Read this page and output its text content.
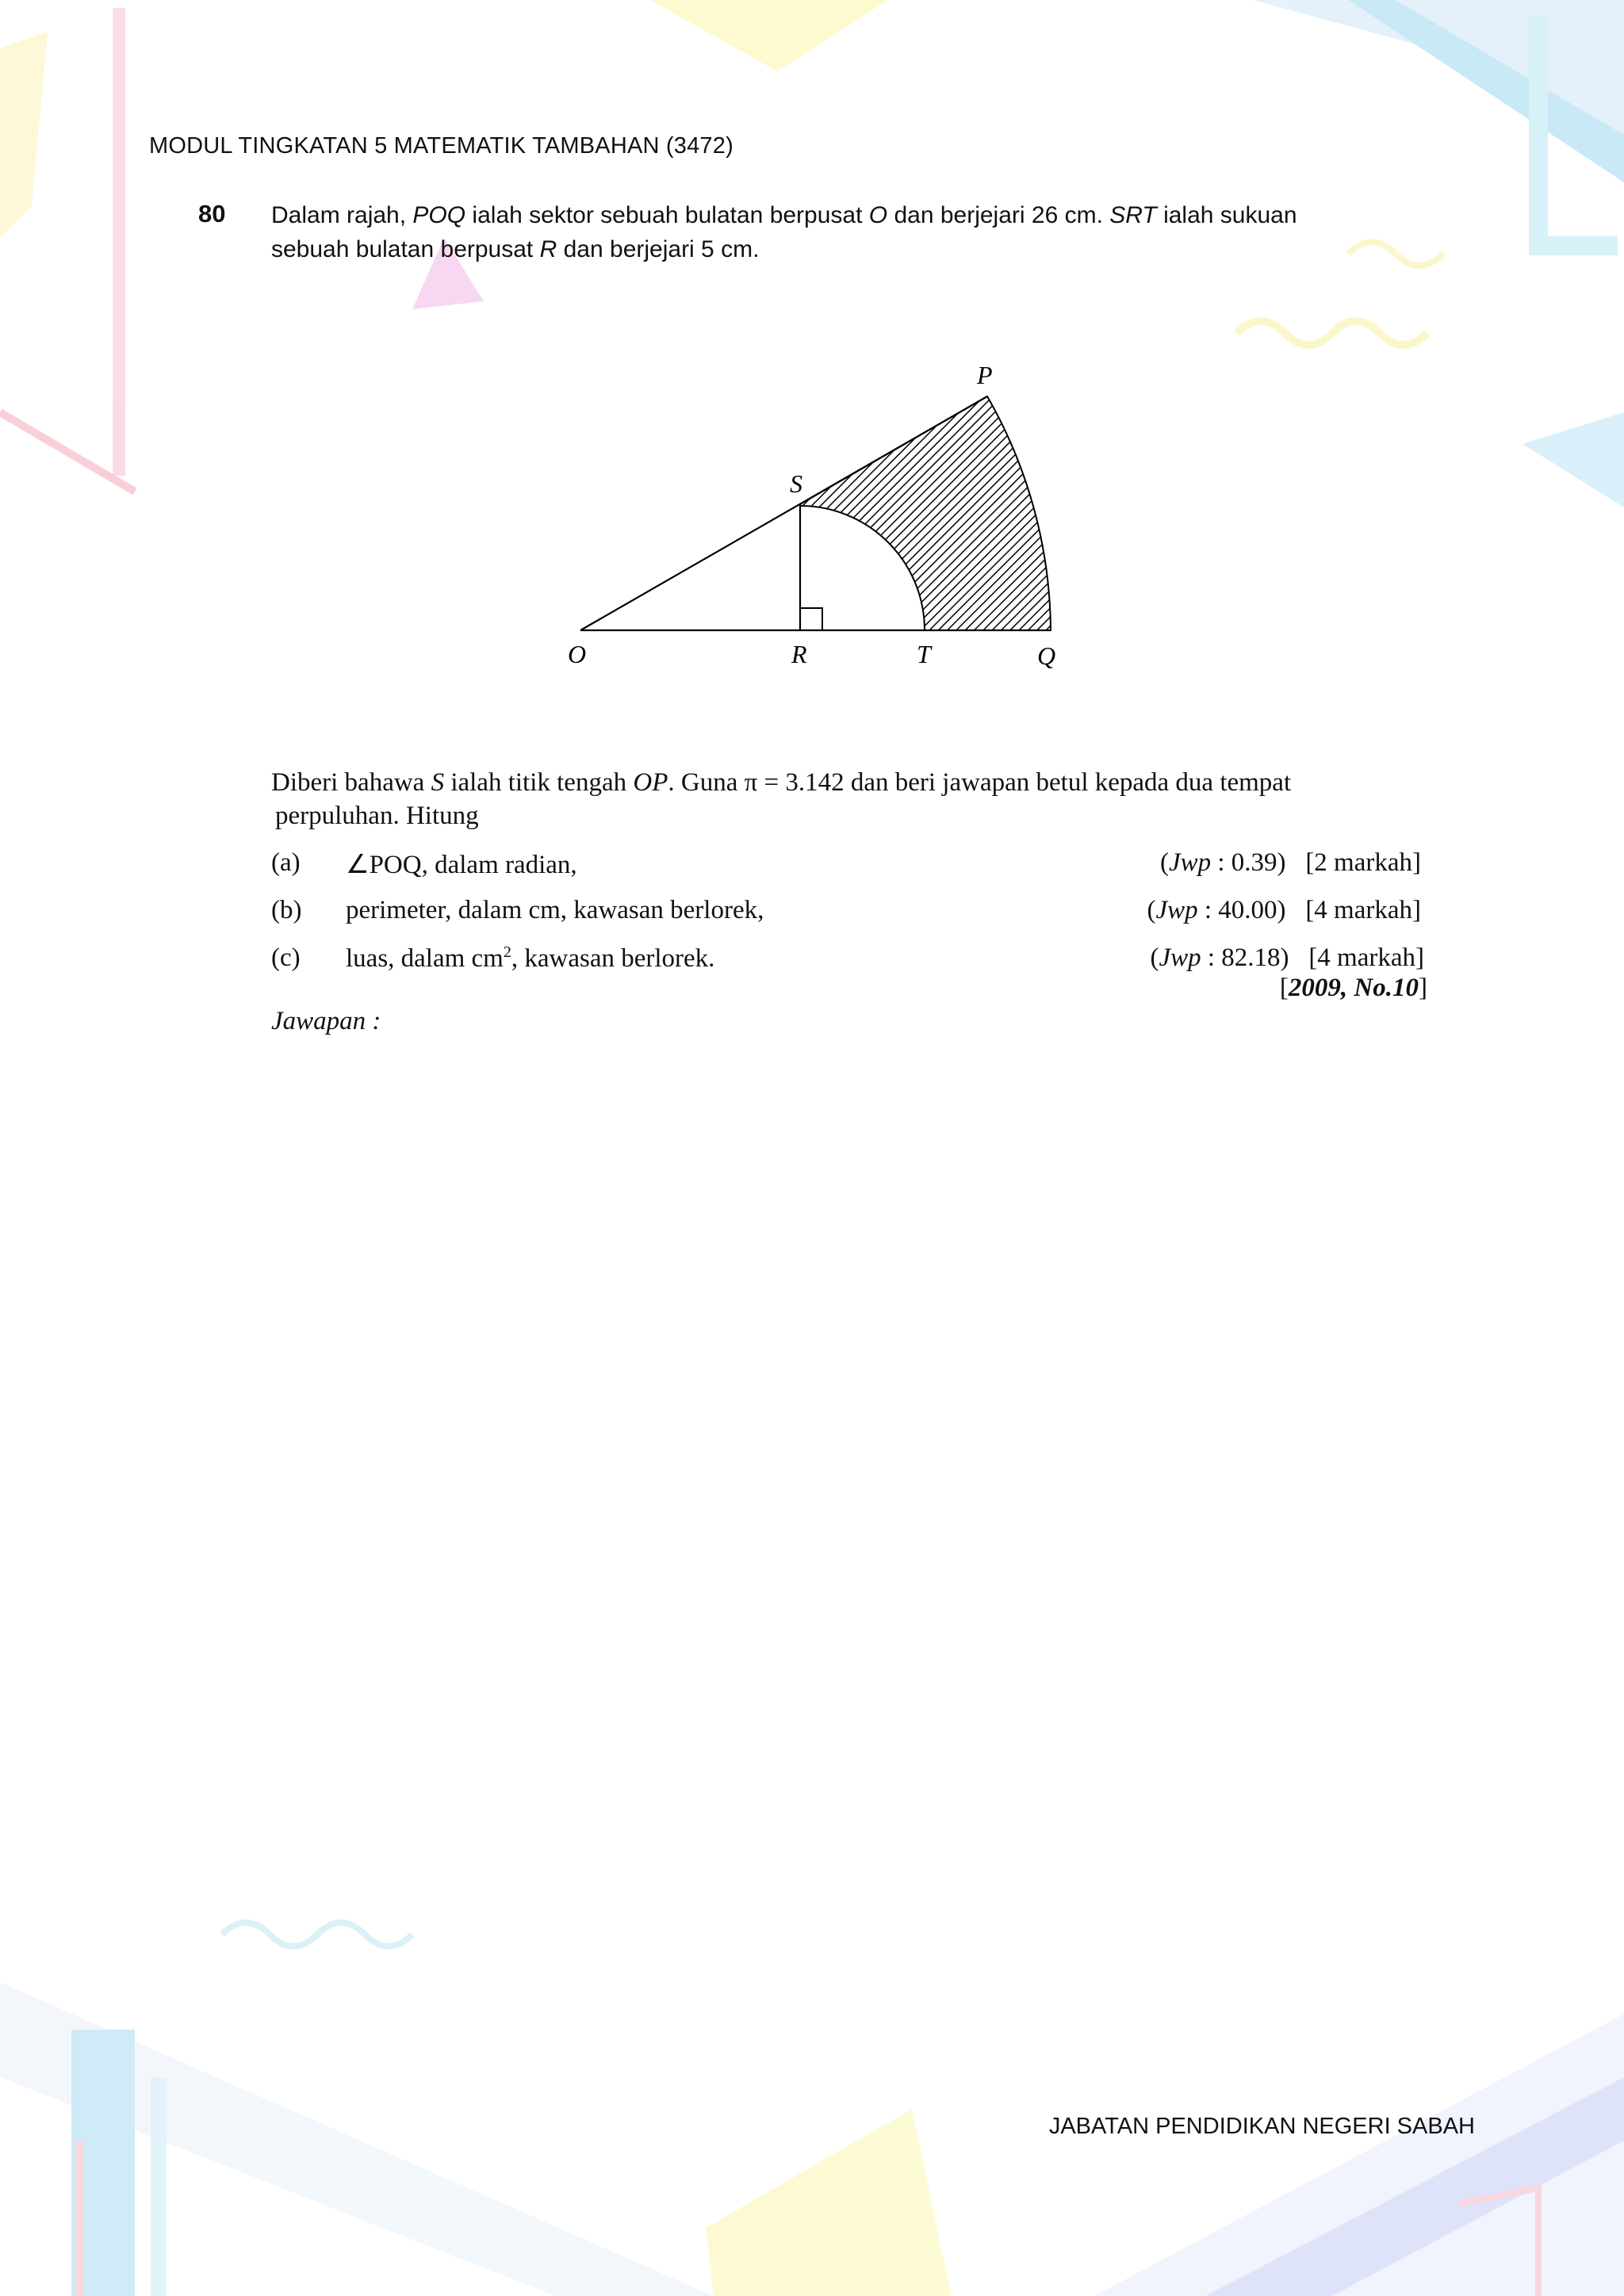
MODUL TINGKATAN 5 MATEMATIK TAMBAHAN (3472)
80 Dalam rajah, POQ ialah sektor sebuah bulatan berpusat O dan berjejari 26 cm. SRT ialah sukuan
sebuah bulatan berpusat R dan berjejari 5 cm.
P
S
O	R	T	Q
Diberi bahawa S ialah titik tengah OP. Guna π = 3.142 dan beri jawapan betul kepada dua tempat
perpuluhan. Hitung
(a) ∠POQ, dalam radian,	(Jwp : 0.39) [2 markah]
(b) perimeter, dalam cm, kawasan berlorek,	(Jwp : 40.00) [4 markah]
(c) luas, dalam $cm^2$, kawasan berlorek.	(Jwp : 82.18) [4 markah]
[2009, No.10]
Jawapan :
JABATAN PENDIDIKAN NEGERI SABAH
